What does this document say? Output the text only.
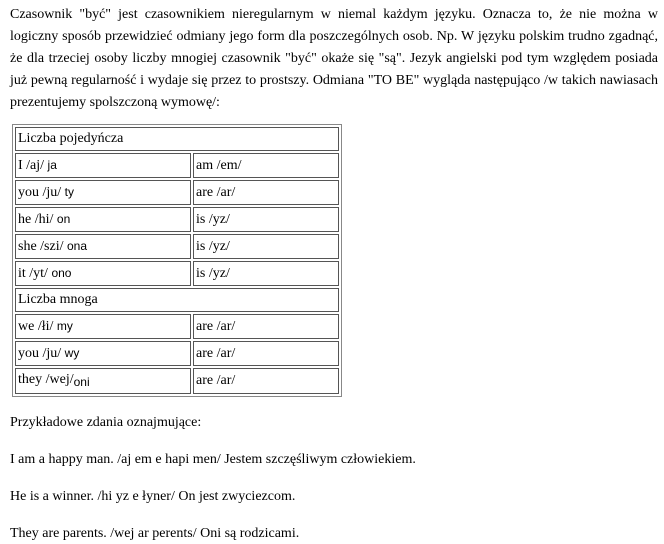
Czasownik "być" jest czasownikiem nieregularnym w niemal każdym języku. Oznacza to, że nie można w logiczny sposób przewidzieć odmiany jego form dla poszczególnych osob. Np. W języku polskim trudno zgadnąć, że dla trzeciej osoby liczby mnogiej czasownik "być" okaże się "są". Jezyk angielski pod tym względem posiada już pewną regularność i wydaje się przez to prostszy. Odmiana "TO BE" wygląda następująco /w takich nawiasach prezentujemy spolszczoną wymowę/:

Liczba pojedyńcza	
I /aj/ ja	am /em/
you /ju/ ty	are /ar/
he /hi/ on	is /yz/
she /szi/ ona	is /yz/
it /yt/ ono	is /yz/
Liczba mnoga	
we /łi/ my	are /ar/
you /ju/ wy	are /ar/
they /wej/oni	are /ar/

Przykładowe zdania oznajmujące:

I am a happy man. /aj em e hapi men/ Jestem szczęśliwym człowiekiem.

He is a winner. /hi yz e łyner/ On jest zwyciezcom.

They are parents. /wej ar perents/ Oni są rodzicami.
